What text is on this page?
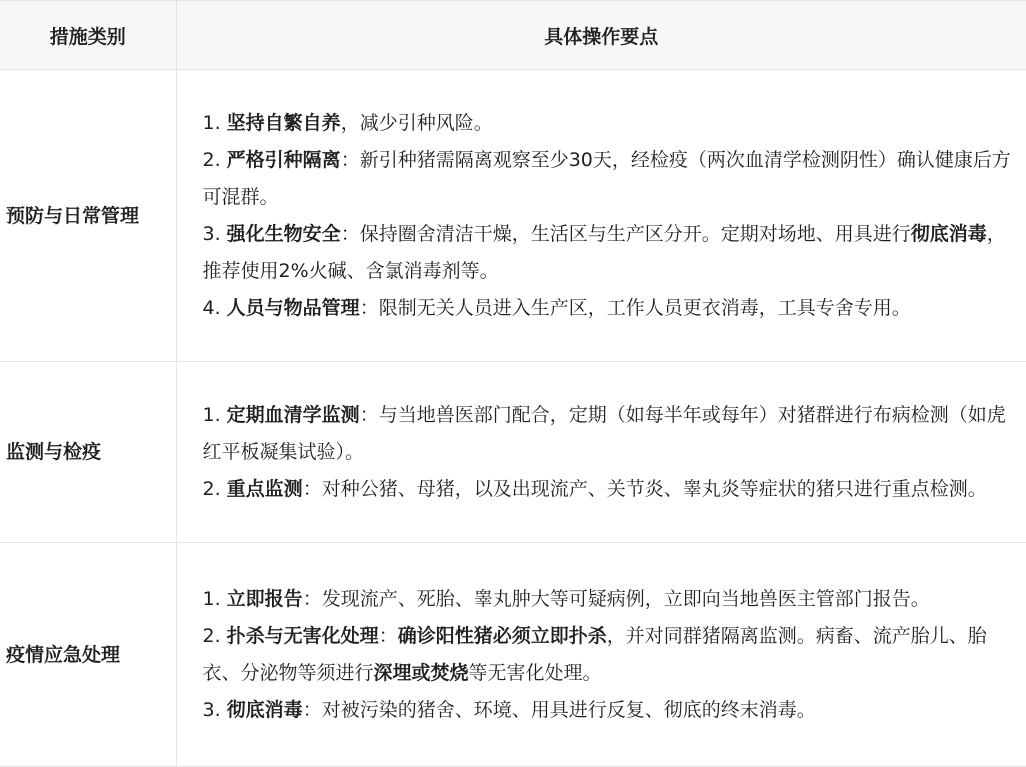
措施类别	具体操作要点
预防与日常管理	1. 坚持自繁自养，减少引种风险。

2. 严格引种隔离：新引种猪需隔离观察至少30天，经检疫（两次血清学检测阴性）确认健康后方可混群。

3. 强化生物安全：保持圈舍清洁干燥，生活区与生产区分开。定期对场地、用具进行彻底消毒，推荐使用2%火碱、含氯消毒剂等。

4. 人员与物品管理：限制无关人员进入生产区，工作人员更衣消毒，工具专舍专用。

监测与检疫	1. 定期血清学监测：与当地兽医部门配合，定期（如每半年或每年）对猪群进行布病检测（如虎红平板凝集试验）。

2. 重点监测：对种公猪、母猪，以及出现流产、关节炎、睾丸炎等症状的猪只进行重点检测。

疫情应急处理	1. 立即报告：发现流产、死胎、睾丸肿大等可疑病例，立即向当地兽医主管部门报告。

2. 扑杀与无害化处理：确诊阳性猪必须立即扑杀，并对同群猪隔离监测。病畜、流产胎儿、胎衣、分泌物等须进行深埋或焚烧等无害化处理。

3. 彻底消毒：对被污染的猪舍、环境、用具进行反复、彻底的终末消毒。
